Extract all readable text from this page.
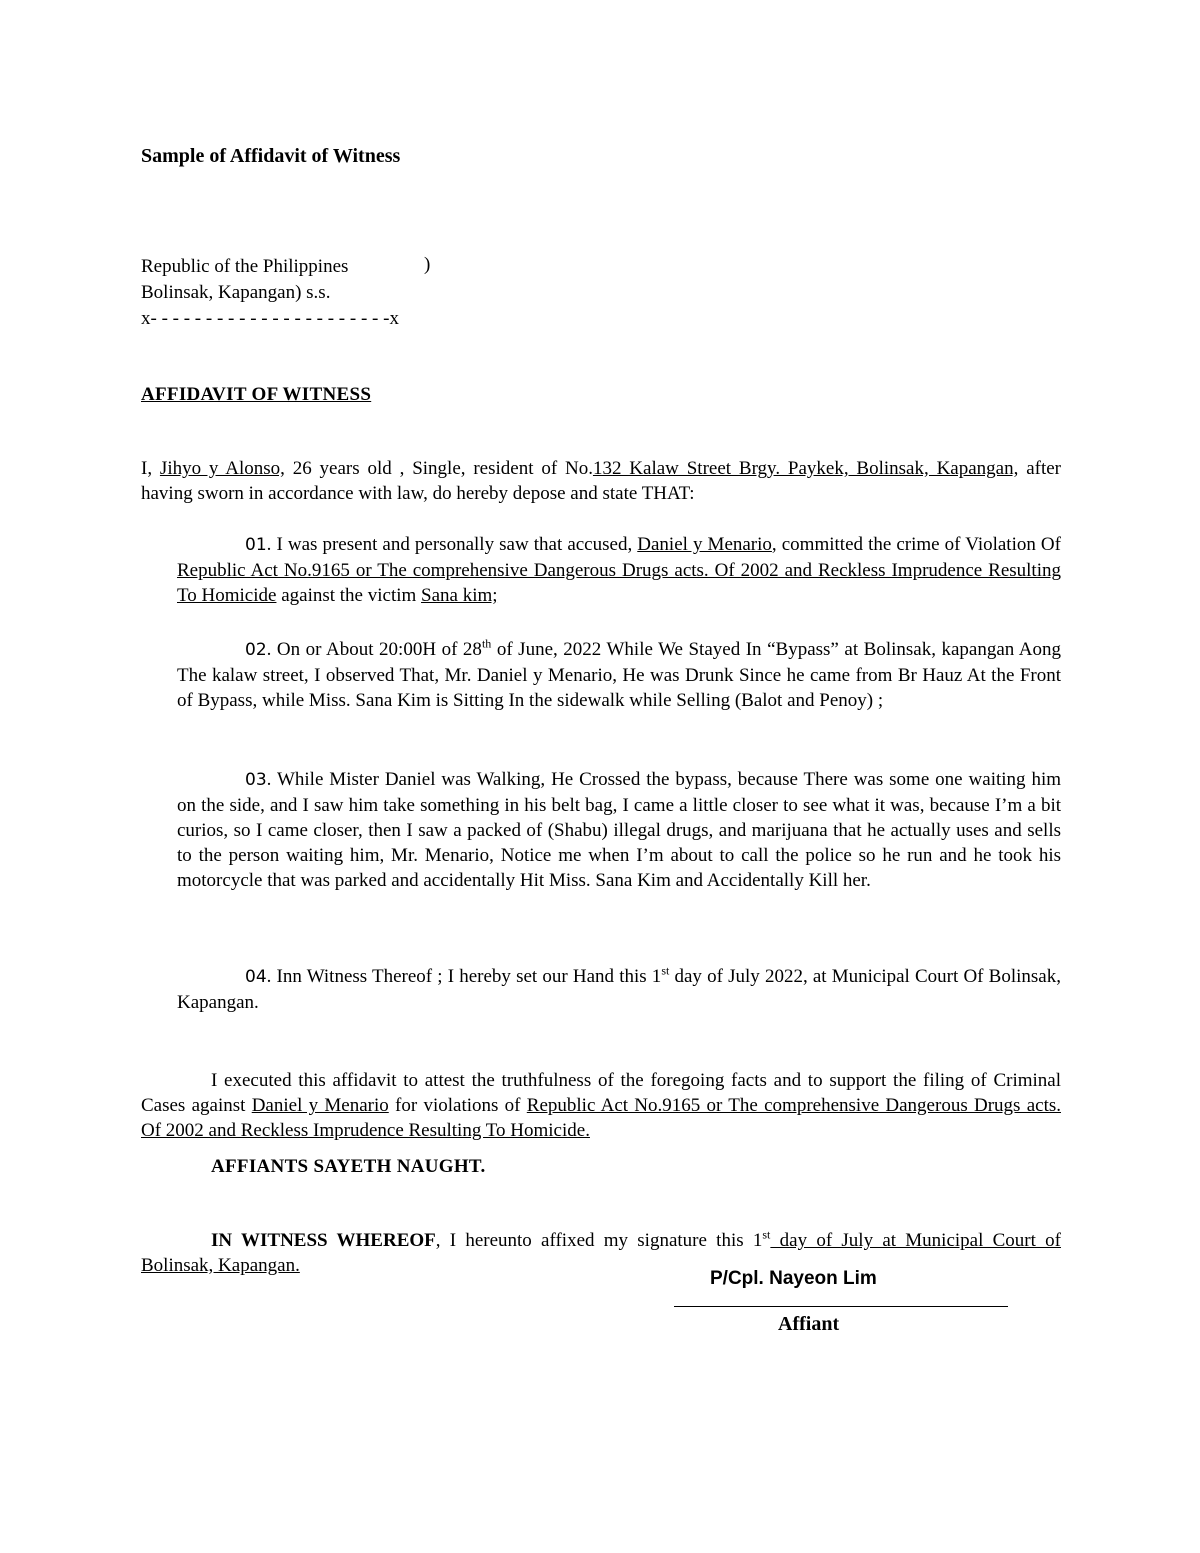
Sample of Affidavit of Witness
Republic of the Philippines
Bolinsak, Kapangan) s.s.
x- - - - - - - - - - - - - - - - - - - - - -x
)
AFFIDAVIT OF WITNESS

I, Jihyo y Alonso, 26 years old , Single, resident of No.132 Kalaw Street Brgy. Paykek, Bolinsak, Kapangan, after having sworn in accordance with law, do hereby depose and state THAT:

01. I was present and personally saw that accused, Daniel y Menario, committed the crime of Violation Of Republic Act No.9165 or The comprehensive Dangerous Drugs acts. Of 2002 and Reckless Imprudence Resulting To Homicide against the victim Sana kim;

02. On or About 20:00H of 28th of June, 2022 While We Stayed In “Bypass” at Bolinsak, kapangan Aong The kalaw street, I observed That, Mr. Daniel y Menario, He was Drunk Since he came from Br Hauz At the Front of Bypass, while Miss. Sana Kim is Sitting In the sidewalk while Selling (Balot and Penoy) ;

03. While Mister Daniel was Walking, He Crossed the bypass, because There was some one waiting him on the side, and I saw him take something in his belt bag, I came a little closer to see what it was, because I’m a bit curios, so I came closer, then I saw a packed of (Shabu) illegal drugs, and marijuana that he actually uses and sells to the person waiting him, Mr. Menario, Notice me when I’m about to call the police so he run and he took his motorcycle that was parked and accidentally Hit Miss. Sana Kim and Accidentally Kill her.

04. Inn Witness Thereof ; I hereby set our Hand this 1st day of July 2022, at Municipal Court Of Bolinsak, Kapangan.

I executed this affidavit to attest the truthfulness of the foregoing facts and to support the filing of Criminal Cases against Daniel y Menario for violations of Republic Act No.9165 or The comprehensive Dangerous Drugs acts. Of 2002 and Reckless Imprudence Resulting To Homicide.

AFFIANTS SAYETH NAUGHT.

IN WITNESS WHEREOF, I hereunto affixed my signature this 1st day of July at Municipal Court of Bolinsak, Kapangan.

P/Cpl. Nayeon Lim
Affiant
